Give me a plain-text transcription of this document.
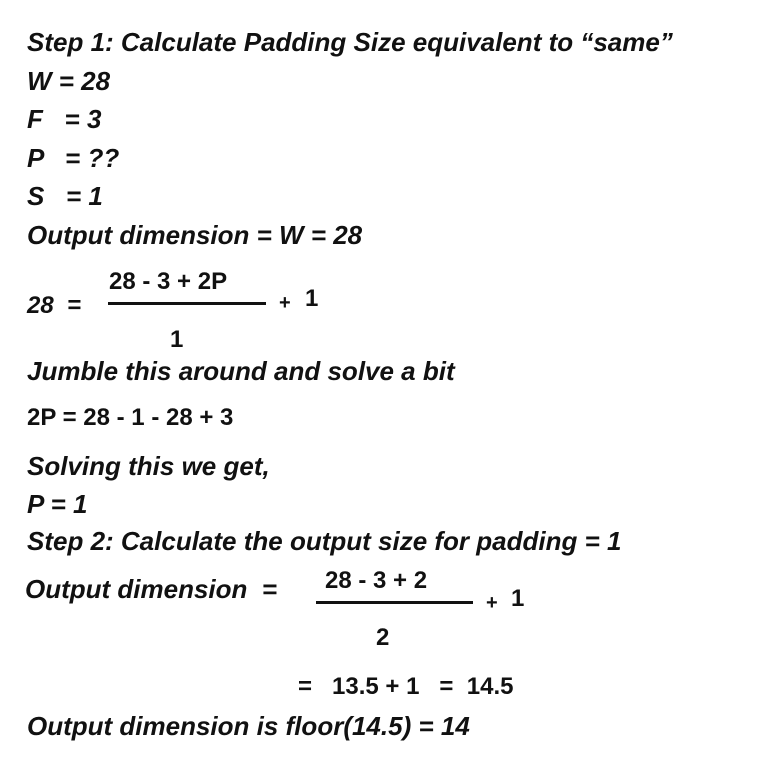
Step 1: Calculate Padding Size equivalent to “same”
W = 28
F   = 3
P   = ??
S   = 1
Output dimension = W = 28
28  =
28 - 3 + 2P
1
+ 1
Jumble this around and solve a bit
2P = 28 - 1 - 28 + 3
Solving this we get,
P = 1
Step 2: Calculate the output size for padding = 1
Output dimension  = 28 - 3 + 2
2
+ 1
=   13.5 + 1   =  14.5
Output dimension is floor(14.5) = 14
